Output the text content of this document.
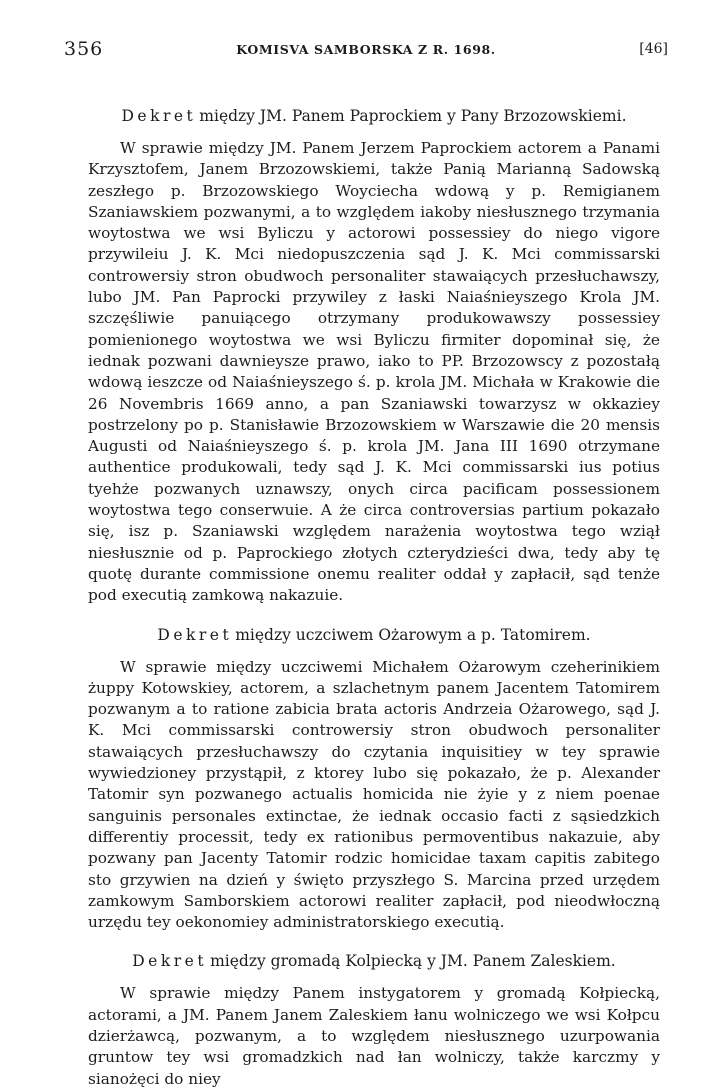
356	KOMISVA SAMBORSKA Z R. 1698.	[46]
Dekret między JM. Panem Paprockiem y Pany Brzozowskiemi.

W sprawie między JM. Panem Jerzem Paprockiem actorem a Panami Krzysztofem, Janem Brzozowskiemi, także Panią Marianną Sadowską zeszłego p. Brzozowskiego Woyciecha wdową y p. Remigianem Szaniawskiem pozwanymi, a to względem iakoby niesłusznego trzymania woytostwa we wsi Byliczu y actorowi possessiey do niego vigore przywileiu J. K. Mci niedopuszczenia sąd J. K. Mci commissarski controwersiy stron obudwoch personaliter stawaiących przesłuchawszy, lubo JM. Pan Paprocki przywiley z łaski Naiaśnieyszego Krola JM. szczęśliwie panuiącego otrzymany produkowawszy possessiey pomienionego woytostwa we wsi Byliczu firmiter dopominał się, że iednak pozwani dawnieysze prawo, iako to PP. Brzozowscy z pozostałą wdową ieszcze od Naiaśnieyszego ś. p. krola JM. Michała w Krakowie die 26 Novembris 1669 anno, a pan Szaniawski towarzysz w okkaziey postrzelony po p. Stanisławie Brzozowskiem w Warszawie die 20 mensis Augusti od Naiaśnieyszego ś. p. krola JM. Jana III 1690 otrzymane authentice produkowali, tedy sąd J. K. Mci commissarski ius potius tyehże pozwanych uznawszy, onych circa pacificam possessionem woytostwa tego conserwuie. A że circa controversias partium pokazało się, isz p. Szaniawski względem narażenia woytostwa tego wziął niesłusznie od p. Paprockiego złotych czterydzieści dwa, tedy aby tę quotę durante commissione onemu realiter oddał y zapłacił, sąd tenże pod executią zamkową nakazuie.

Dekret między uczciwem Ożarowym a p. Tatomirem.

W sprawie między uczciwemi Michałem Ożarowym czeherinikiem żuppy Kotowskiey, actorem, a szlachetnym panem Jacentem Tatomirem pozwanym a to ratione zabicia brata actoris Andrzeia Ożarowego, sąd J. K. Mci commissarski controwersiy stron obudwoch personaliter stawaiących przesłuchawszy do czytania inquisitiey w tey sprawie wywiedzioney przystąpił, z ktorey lubo się pokazało, że p. Alexander Tatomir syn pozwanego actualis homicida nie żyie y z niem poenae sanguinis personales extinctae, że iednak occasio facti z sąsiedzkich differentiy processit, tedy ex rationibus permoventibus nakazuie, aby pozwany pan Jacenty Tatomir rodzic homicidae taxam capitis zabitego sto grzywien na dzień y święto przyszłego S. Marcina przed urzędem zamkowym Samborskiem actorowi realiter zapłacił, pod nieodwłoczną urzędu tey oekonomiey administratorskiego executią.

Dekret między gromadą Kolpiecką y JM. Panem Zaleskiem.

W sprawie między Panem instygatorem y gromadą Kołpiecką, actorami, a JM. Panem Janem Zaleskiem łanu wolniczego we wsi Kołpcu dzierżawcą, pozwanym, a to względem niesłusznego uzurpowania gruntow tey wsi gromadzkich nad łan wolniczy, także karczmy y sianożęci do niey
